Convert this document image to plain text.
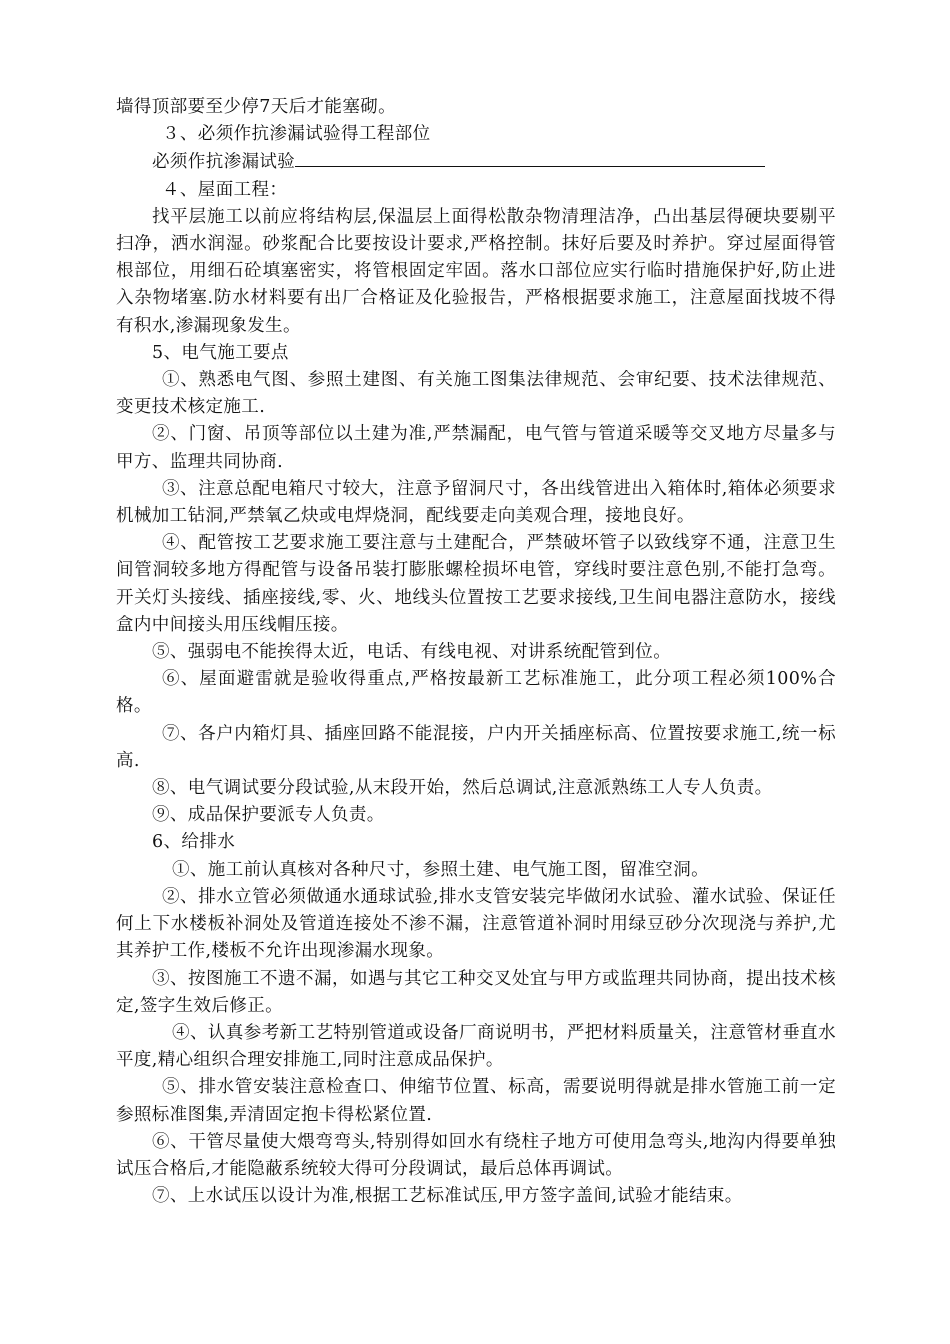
墙得顶部要至少停7天后才能塞砌。

３、必须作抗渗漏试验得工程部位

必须作抗渗漏试验

４、屋面工程：

找平层施工以前应将结构层,保温层上面得松散杂物清理洁净，凸出基层得硬块要剔平扫净，洒水润湿。砂浆配合比要按设计要求,严格控制。抹好后要及时养护。穿过屋面得管根部位，用细石砼填塞密实，将管根固定牢固。落水口部位应实行临时措施保护好,防止进入杂物堵塞.防水材料要有出厂合格证及化验报告，严格根据要求施工，注意屋面找坡不得有积水,渗漏现象发生。

5、电气施工要点

①、熟悉电气图、参照土建图、有关施工图集法律规范、会审纪要、技术法律规范、变更技术核定施工.

②、门窗、吊顶等部位以土建为准,严禁漏配，电气管与管道采暖等交叉地方尽量多与甲方、监理共同协商.

③、注意总配电箱尺寸较大，注意予留洞尺寸，各出线管进出入箱体时,箱体必须要求机械加工钻洞,严禁氧乙炔或电焊烧洞，配线要走向美观合理，接地良好。

④、配管按工艺要求施工要注意与土建配合，严禁破坏管子以致线穿不通，注意卫生间管洞较多地方得配管与设备吊装打膨胀螺栓损坏电管，穿线时要注意色别,不能打急弯。开关灯头接线、插座接线,零、火、地线头位置按工艺要求接线,卫生间电器注意防水，接线盒内中间接头用压线帽压接。

⑤、强弱电不能挨得太近，电话、有线电视、对讲系统配管到位。

⑥、屋面避雷就是验收得重点,严格按最新工艺标准施工，此分项工程必须100%合格。

⑦、各户内箱灯具、插座回路不能混接，户内开关插座标高、位置按要求施工,统一标高.

⑧、电气调试要分段试验,从末段开始，然后总调试,注意派熟练工人专人负责。

⑨、成品保护要派专人负责。

6、给排水

①、施工前认真核对各种尺寸，参照土建、电气施工图，留准空洞。

②、排水立管必须做通水通球试验,排水支管安装完毕做闭水试验、灌水试验、保证任何上下水楼板补洞处及管道连接处不渗不漏，注意管道补洞时用绿豆砂分次现浇与养护,尤其养护工作,楼板不允许出现渗漏水现象。

③、按图施工不遗不漏，如遇与其它工种交叉处宜与甲方或监理共同协商，提出技术核定,签字生效后修正。

④、认真参考新工艺特别管道或设备厂商说明书，严把材料质量关，注意管材垂直水平度,精心组织合理安排施工,同时注意成品保护。

⑤、排水管安装注意检查口、伸缩节位置、标高，需要说明得就是排水管施工前一定参照标准图集,弄清固定抱卡得松紧位置.

⑥、干管尽量使大煨弯弯头,特别得如回水有绕柱子地方可使用急弯头,地沟内得要单独试压合格后,才能隐蔽系统较大得可分段调试，最后总体再调试。

⑦、上水试压以设计为准,根据工艺标准试压,甲方签字盖间,试验才能结束。
